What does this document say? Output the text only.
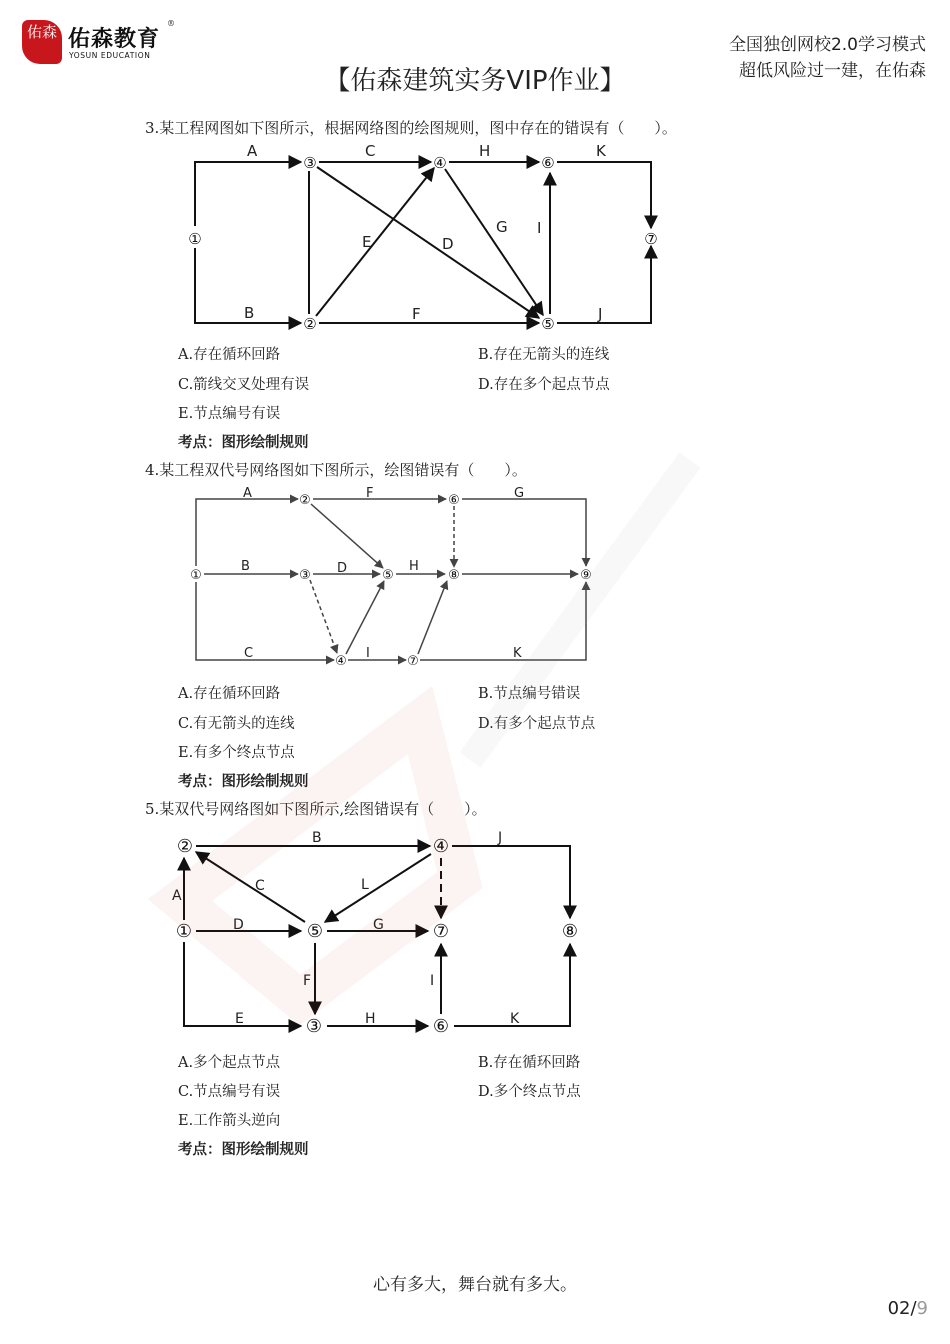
佑森 佑森教育
YOSUN EDUCATION
®
全国独创网校2.0学习模式
超低风险过一建，在佑森
【佑森建筑实务VIP作业】
3.某工程网图如下图所示，根据网络图的绘图规则，图中存在的错误有（　　）。
A
B
C
D
E
F
G
H
I
J
K
①
②
③	④
⑤
⑥
⑦
A.存在循环回路	B.存在无箭头的连线
C.箭线交叉处理有误	D.存在多个起点节点
E.节点编号有误
考点：图形绘制规则
4.某工程双代号网络图如下图所示，绘图错误有（　　）。
A
B
C
D
F	G
H
I	K
①
②
③
④
⑤
⑥
⑦
⑧	⑨
A.存在循环回路	B.节点编号错误
C.有无箭头的连线	D.有多个起点节点
E.有多个终点节点
考点：图形绘制规则
5.某双代号网络图如下图所示,绘图错误有（　　）。
A
B
C
D
E
F
G
H
I
J
K
L
①
②
③
④
⑤
⑥
⑦	⑧
A.多个起点节点	B.存在循环回路
C.节点编号有误	D.多个终点节点
E.工作箭头逆向
考点：图形绘制规则
心有多大，舞台就有多大。
02/9
